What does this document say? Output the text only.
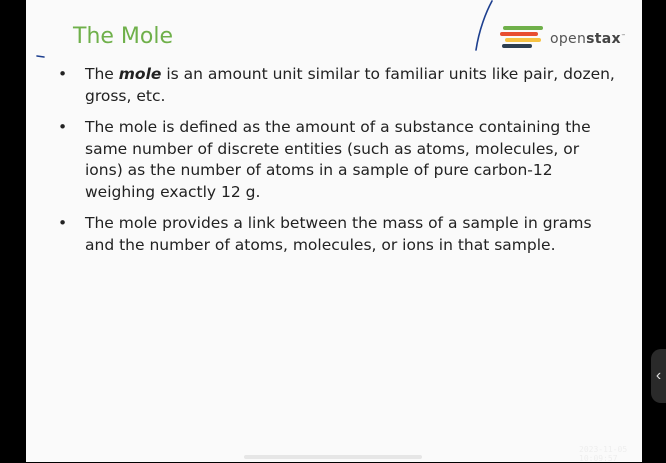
The Mole	openstax™
• The mole is an amount unit similar to familiar units like pair, dozen, gross, etc.
• The mole is defined as the amount of a substance containing the same number of discrete entities (such as atoms, molecules, or ions) as the number of atoms in a sample of pure carbon-12 weighing exactly 12 g.
• The mole provides a link between the mass of a sample in grams and the number of atoms, molecules, or ions in that sample.
‹
2023-11-05 10:09:57
